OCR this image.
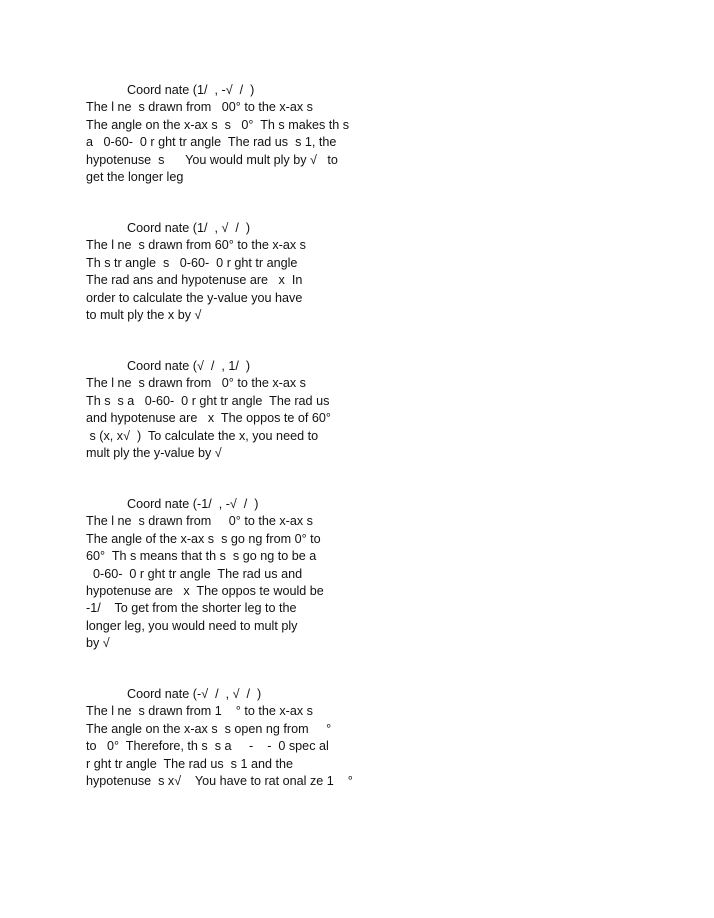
Coord nate (1/  , -√  /  )
The l ne  s drawn from   00° to the x-ax s
The angle on the x-ax s  s   0°  Th s makes th s
a   0-60-  0 r ght tr angle  The rad us  s 1, the
hypotenuse  s      You would mult ply by √   to
get the longer leg
Coord nate (1/  , √  /  )
The l ne  s drawn from 60° to the x-ax s
Th s tr angle  s   0-60-  0 r ght tr angle
The rad ans and hypotenuse are   x  In
order to calculate the y-value you have
to mult ply the x by √
Coord nate (√  /  , 1/  )
The l ne  s drawn from   0° to the x-ax s
Th s  s a   0-60-  0 r ght tr angle  The rad us
and hypotenuse are   x  The oppos te of 60°
s (x, x√  )  To calculate the x, you need to
mult ply the y-value by √
Coord nate (-1/  , -√  /  )
The l ne  s drawn from     0° to the x-ax s
The angle of the x-ax s  s go ng from 0° to
60°  Th s means that th s  s go ng to be a
0-60-  0 r ght tr angle  The rad us and
hypotenuse are   x  The oppos te would be
-1/    To get from the shorter leg to the
longer leg, you would need to mult ply
by √
Coord nate (-√  /  , √  /  )
The l ne  s drawn from 1    ° to the x-ax s
The angle on the x-ax s  s open ng from     °
to   0°  Therefore, th s  s a     -    -  0 spec al
r ght tr angle  The rad us  s 1 and the
hypotenuse  s x√    You have to rat onal ze 1    °
